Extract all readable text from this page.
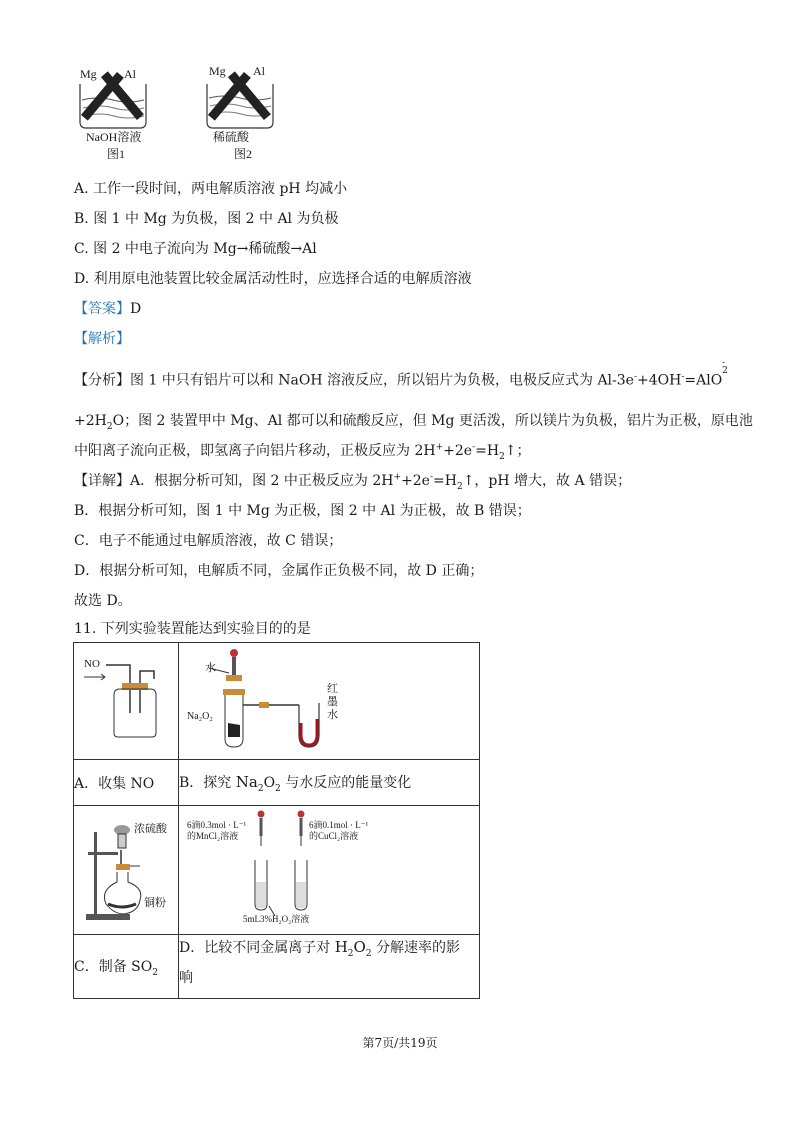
Mg Al
NaOH溶液
图1
Mg Al
稀硫酸
图2
A. 工作一段时间，两电解质溶液 pH 均减小
B. 图 1 中 Mg 为负极，图 2 中 Al 为负极
C. 图 2 中电子流向为 Mg→稀硫酸→Al
D. 利用原电池装置比较金属活动性时，应选择合适的电解质溶液
【答案】D
【解析】
【分析】图 1 中只有铝片可以和 NaOH 溶液反应，所以铝片为负极，电极反应式为 Al-3e-+4OH-=AlO$^{- 2}$
$+2H_2O$；图 2 装置甲中 Mg、Al 都可以和硫酸反应，但 Mg 更活泼，所以镁片为负极，铝片为正极，原电池
中阳离子流向正极，即氢离子向铝片移动，正极反应为 $2H^++2e^-=H_2↑$；
【详解】A．根据分析可知，图 2 中正极反应为 $2H^++2e^-=H_2↑$，pH 增大，故 A 错误；
B．根据分析可知，图 1 中 Mg 为正极，图 2 中 Al 为正极，故 B 错误；
C．电子不能通过电解质溶液，故 C 错误；
D．根据分析可知，电解质不同，金属作正负极不同，故 D 正确；
故选 D。
11. 下列实验装置能达到实验目的的是
NO	水
Na₂O₂
红墨水

A．收集 NO	B．探究 $Na_2O_2$ 与水反应的能量变化

浓硫酸
铜粉	6滴0.3mol · L⁻¹
的MnCl₂溶液
6滴0.1mol · L⁻¹
的CuCl₂溶液
5mL3%H₂O₂溶液

C．制备 $SO_2$	D．比较不同金属离子对 $H_2O_2$ 分解速率的影
响
第7页/共19页
